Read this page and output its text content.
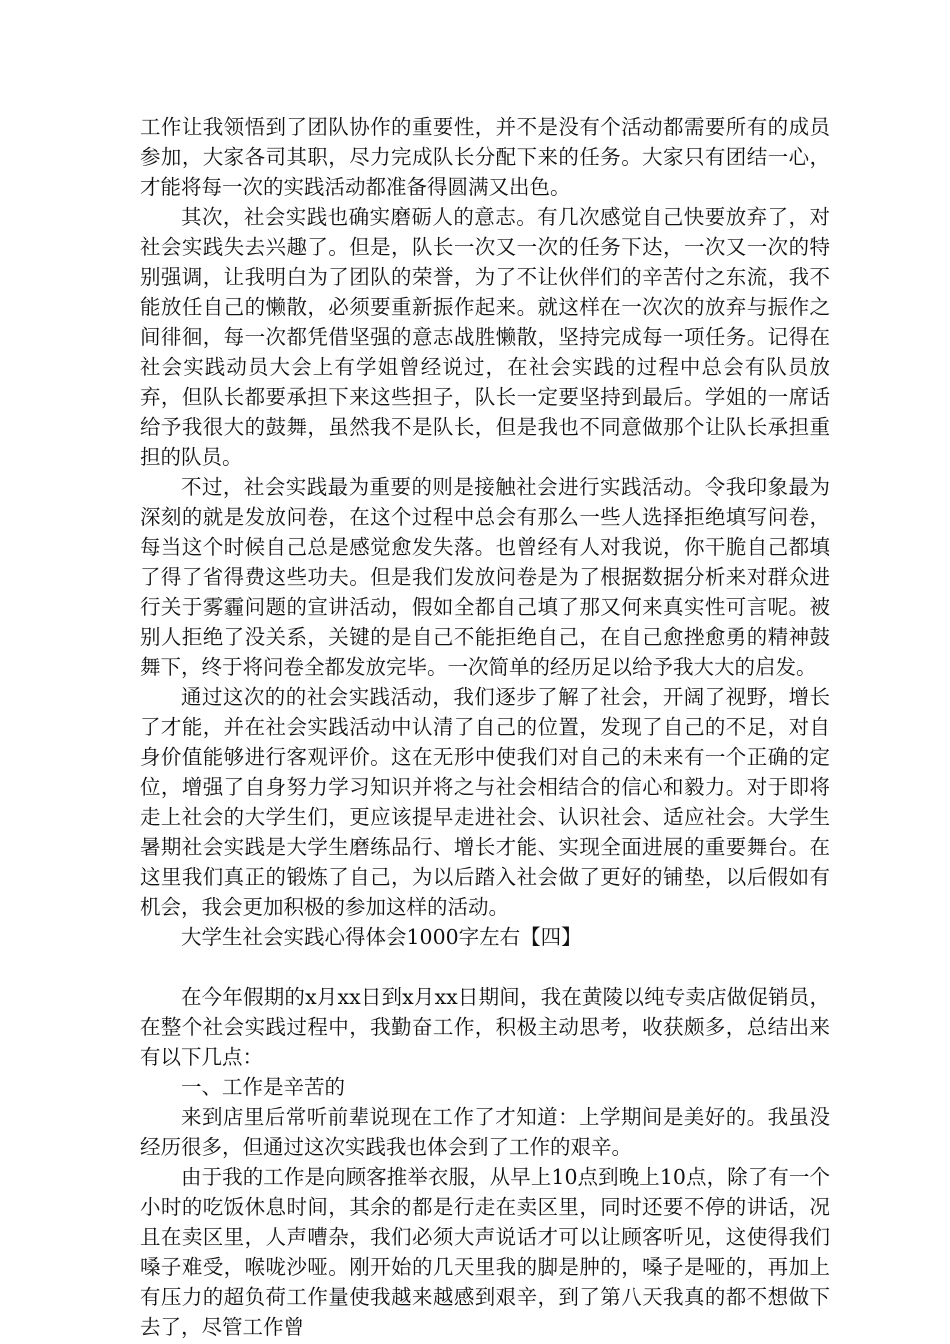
工作让我领悟到了团队协作的重要性，并不是没有个活动都需要所有的成员参加，大家各司其职，尽力完成队长分配下来的任务。大家只有团结一心，才能将每一次的实践活动都准备得圆满又出色。

其次，社会实践也确实磨砺人的意志。有几次感觉自己快要放弃了，对社会实践失去兴趣了。但是，队长一次又一次的任务下达，一次又一次的特别强调，让我明白为了团队的荣誉，为了不让伙伴们的辛苦付之东流，我不能放任自己的懒散，必须要重新振作起来。就这样在一次次的放弃与振作之间徘徊，每一次都凭借坚强的意志战胜懒散，坚持完成每一项任务。记得在社会实践动员大会上有学姐曾经说过，在社会实践的过程中总会有队员放弃，但队长都要承担下来这些担子，队长一定要坚持到最后。学姐的一席话给予我很大的鼓舞，虽然我不是队长，但是我也不同意做那个让队长承担重担的队员。

不过，社会实践最为重要的则是接触社会进行实践活动。令我印象最为深刻的就是发放问卷，在这个过程中总会有那么一些人选择拒绝填写问卷，每当这个时候自己总是感觉愈发失落。也曾经有人对我说，你干脆自己都填了得了省得费这些功夫。但是我们发放问卷是为了根据数据分析来对群众进行关于雾霾问题的宣讲活动，假如全都自己填了那又何来真实性可言呢。被别人拒绝了没关系，关键的是自己不能拒绝自己，在自己愈挫愈勇的精神鼓舞下，终于将问卷全都发放完毕。一次简单的经历足以给予我大大的启发。

通过这次的的社会实践活动，我们逐步了解了社会，开阔了视野，增长了才能，并在社会实践活动中认清了自己的位置，发现了自己的不足，对自身价值能够进行客观评价。这在无形中使我们对自己的未来有一个正确的定位，增强了自身努力学习知识并将之与社会相结合的信心和毅力。对于即将走上社会的大学生们，更应该提早走进社会、认识社会、适应社会。大学生暑期社会实践是大学生磨练品行、增长才能、实现全面进展的重要舞台。在这里我们真正的锻炼了自己，为以后踏入社会做了更好的铺垫，以后假如有机会，我会更加积极的参加这样的活动。

大学生社会实践心得体会1000字左右【四】

在今年假期的x月xx日到x月xx日期间，我在黄陵以纯专卖店做促销员，在整个社会实践过程中，我勤奋工作，积极主动思考，收获颇多，总结出来有以下几点：

一、工作是辛苦的

来到店里后常听前辈说现在工作了才知道：上学期间是美好的。我虽没经历很多，但通过这次实践我也体会到了工作的艰辛。

由于我的工作是向顾客推举衣服，从早上10点到晚上10点，除了有一个小时的吃饭休息时间，其余的都是行走在卖区里，同时还要不停的讲话，况且在卖区里，人声嘈杂，我们必须大声说话才可以让顾客听见，这使得我们嗓子难受，喉咙沙哑。刚开始的几天里我的脚是肿的，嗓子是哑的，再加上有压力的超负荷工作量使我越来越感到艰辛，到了第八天我真的都不想做下去了，尽管工作曾
